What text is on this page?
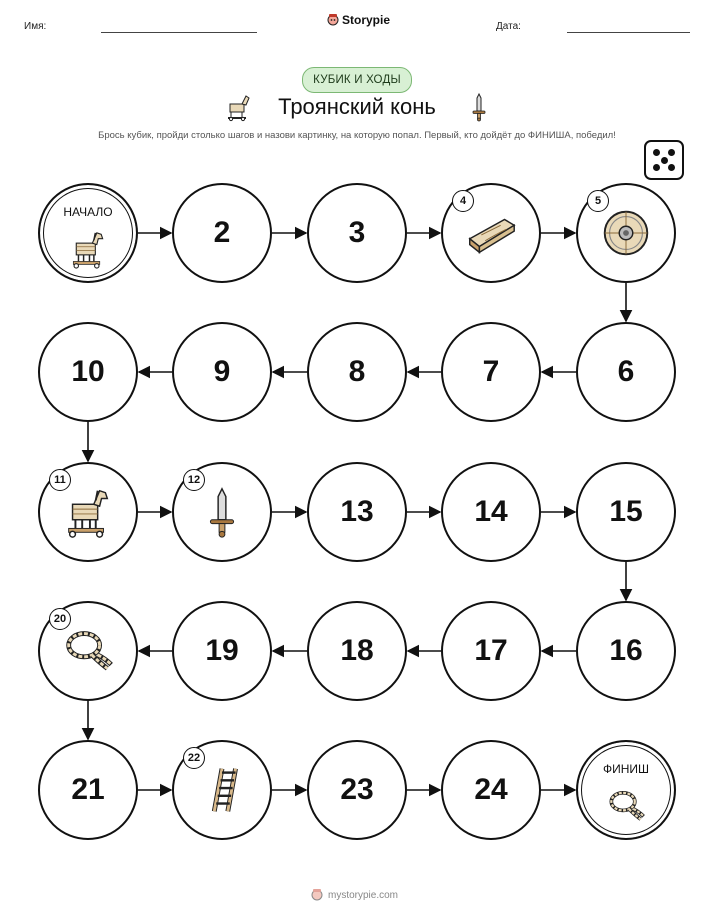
Имя:	Storypie	Дата:
КУБИК И ХОДЫ
Троянский конь
Брось кубик, пройди столько шагов и назови картинку, на которую попал. Первый, кто дойдёт до ФИНИША, победил!
НАЧАЛО
2	3
4	5
6
7
8
9
10
11	12
13	14	15
16
17
18
19
20
21
22
23	24
ФИНИШ
mystorypie.com
